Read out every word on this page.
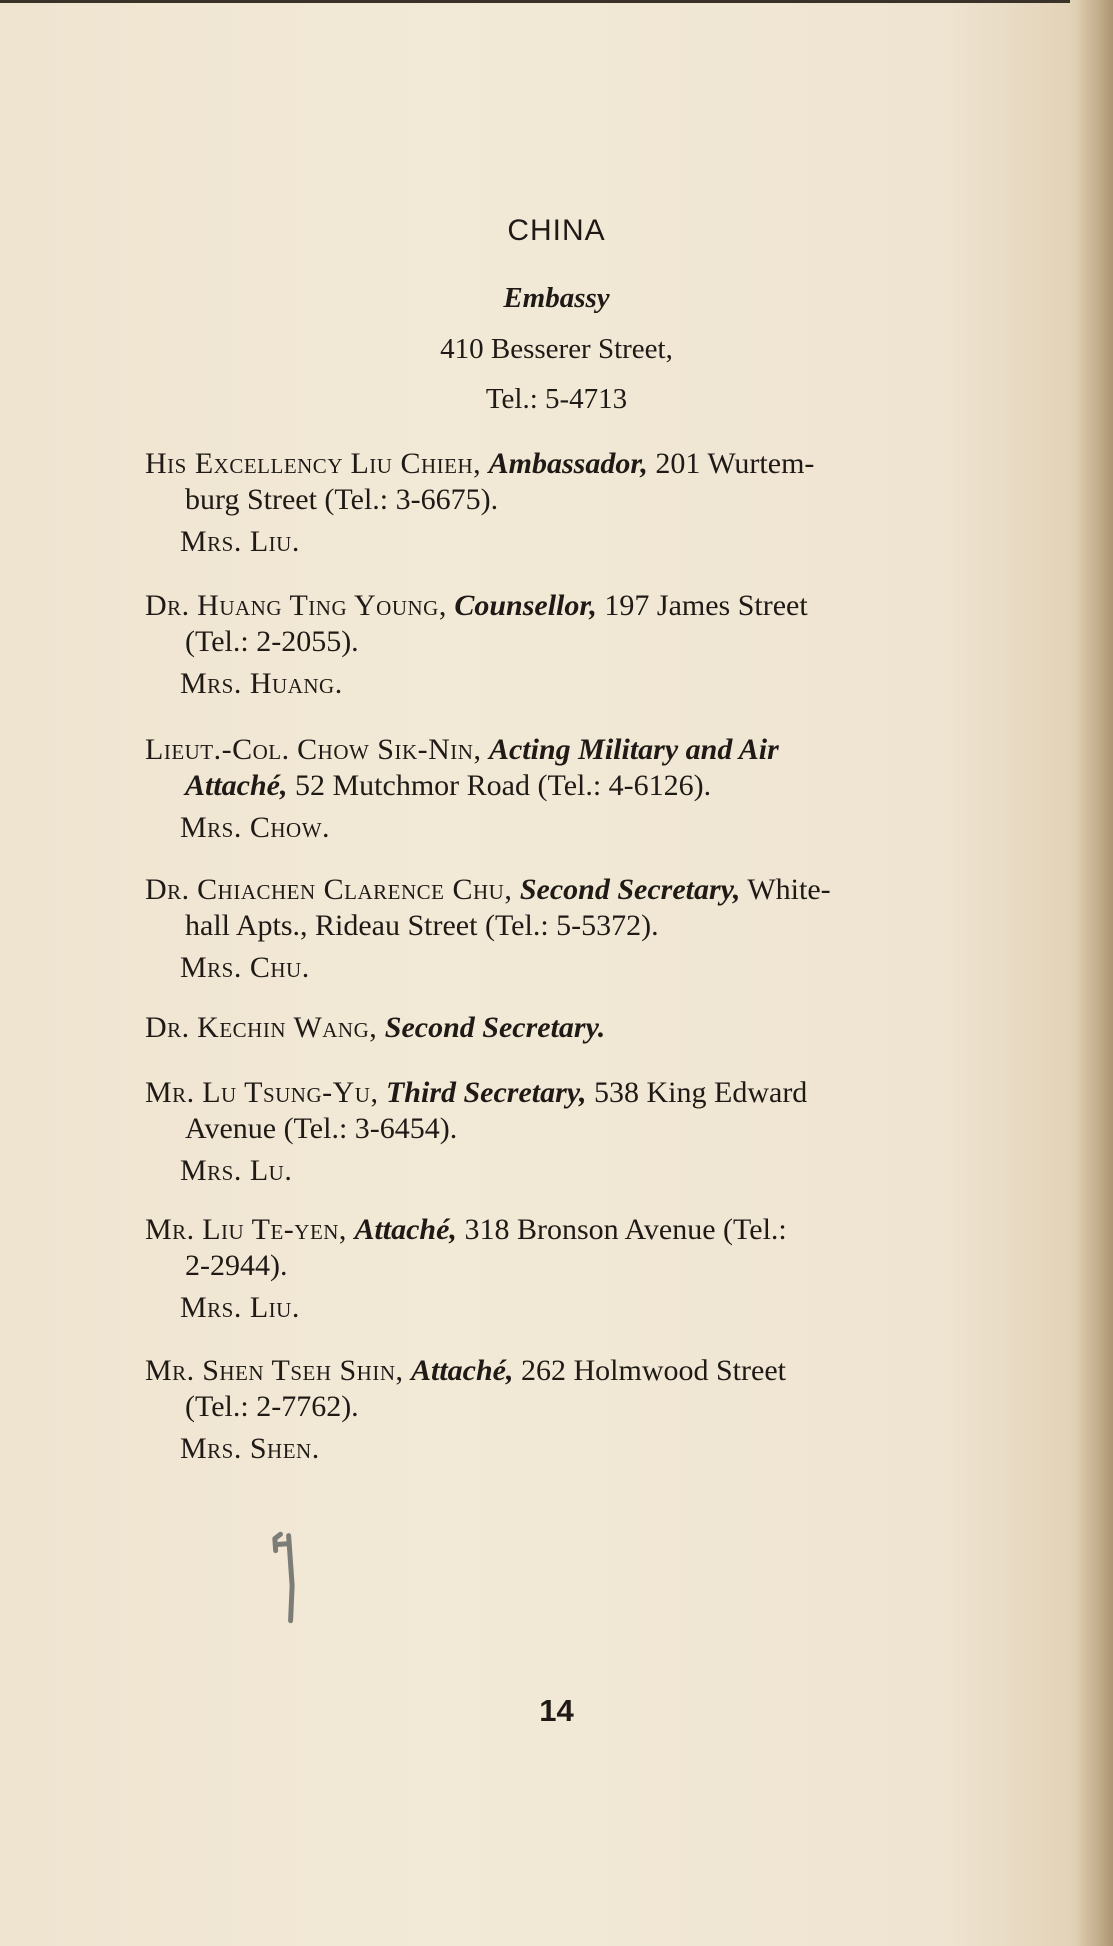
CHINA
Embassy
410 Besserer Street,
Tel.: 5-4713
His Excellency Liu Chieh, Ambassador, 201 Wurtem-
burg Street (Tel.: 3-6675).
Mrs. Liu.
Dr. Huang Ting Young, Counsellor, 197 James Street
(Tel.: 2-2055).
Mrs. Huang.
Lieut.-Col. Chow Sik-Nin, Acting Military and Air
Attaché, 52 Mutchmor Road (Tel.: 4-6126).
Mrs. Chow.
Dr. Chiachen Clarence Chu, Second Secretary, White-
hall Apts., Rideau Street (Tel.: 5-5372).
Mrs. Chu.
Dr. Kechin Wang, Second Secretary.
Mr. Lu Tsung-Yu, Third Secretary, 538 King Edward
Avenue (Tel.: 3-6454).
Mrs. Lu.
Mr. Liu Te-yen, Attaché, 318 Bronson Avenue (Tel.:
2-2944).
Mrs. Liu.
Mr. Shen Tseh Shin, Attaché, 262 Holmwood Street
(Tel.: 2-7762).
Mrs. Shen.
14
